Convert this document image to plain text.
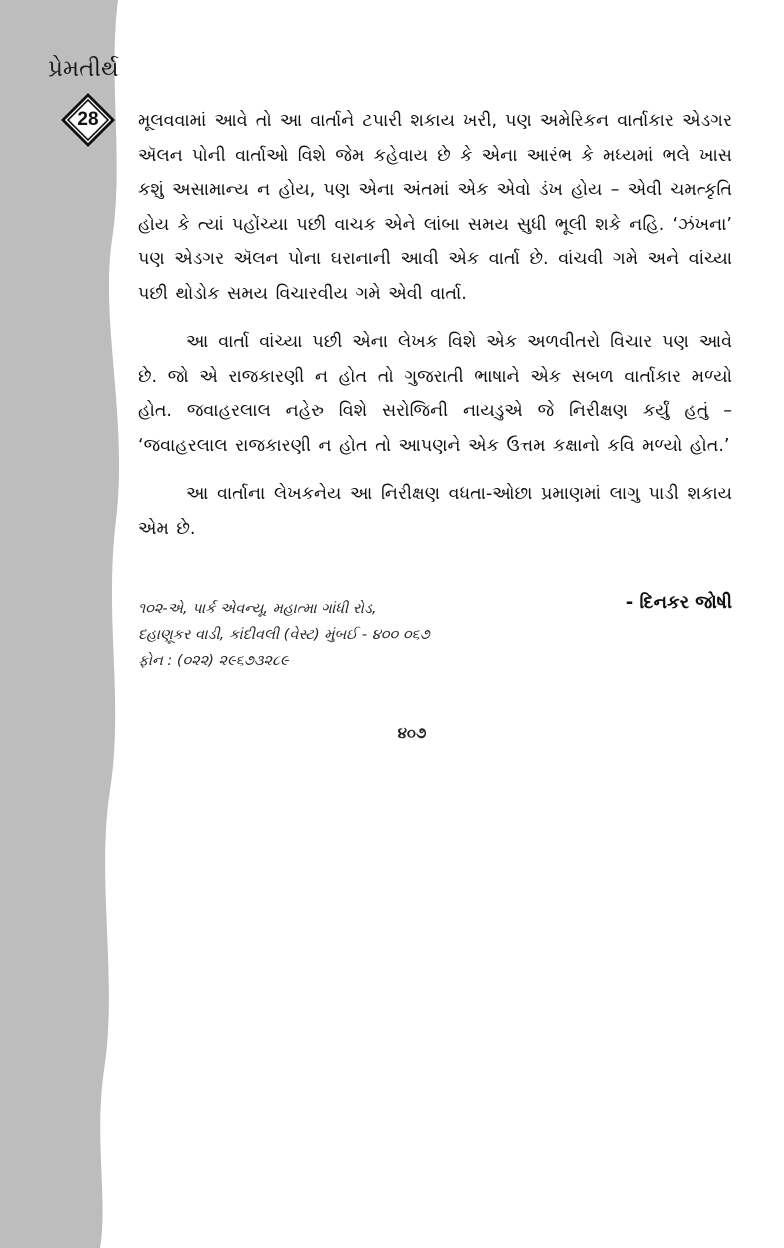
પ્રેમતીર્થ
28	મૂલવવામાં આવે તો આ વાર્તાને ટપારી શકાય ખરી, પણ અમેરિકન વાર્તાકાર એડગર ઍલન પોની વાર્તાઓ વિશે જેમ કહેવાય છે કે એના આરંભ કે મધ્યમાં ભલે ખાસ કશું અસામાન્ય ન હોય, પણ એના અંતમાં એક એવો ડંખ હોય – એવી ચમત્કૃતિ હોય કે ત્યાં પહોંચ્યા પછી વાચક એને લાંબા સમય સુધી ભૂલી શકે નહિ. ‘ઝંખના’ પણ એડગર ઍલન પોના ઘરાનાની આવી એક વાર્તા છે. વાંચવી ગમે અને વાંચ્યા પછી થોડોક સમય વિચારવીય ગમે એવી વાર્તા.

આ વાર્તા વાંચ્યા પછી એના લેખક વિશે એક અળવીતરો વિચાર પણ આવે છે. જો એ રાજકારણી ન હોત તો ગુજરાતી ભાષાને એક સબળ વાર્તાકાર મળ્યો હોત. જવાહરલાલ નહેરુ વિશે સરોજિની નાયડુએ જે નિરીક્ષણ કર્યું હતું – ‘જવાહરલાલ રાજકારણી ન હોત તો આપણને એક ઉત્તમ કક્ષાનો કવિ મળ્યો હોત.’

આ વાર્તાના લેખકનેય આ નિરીક્ષણ વધતા-ઓછા પ્રમાણમાં લાગુ પાડી શકાય એમ છે.

- દિનકર જોષી
૧૦૨-એ, પાર્ક એવન્યૂ, મહાત્મા ગાંધી રોડ,
દહાણૂકર વાડી, કાંદીવલી (વેસ્ટ) મુંબઈ - ૪૦૦ ૦૬૭
ફોન : (૦૨૨) ૨૯૬૭૩૨૮૯
૪૦૭
